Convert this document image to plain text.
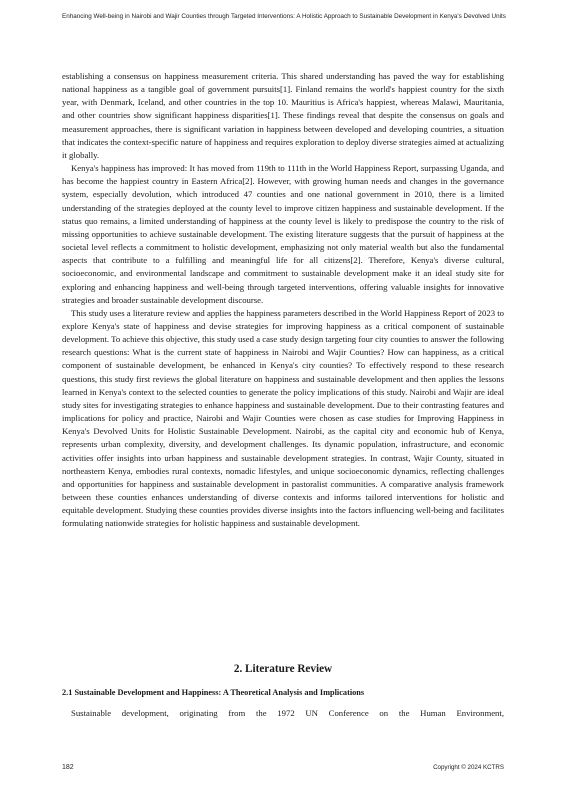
Enhancing Well-being in Nairobi and Wajir Counties through Targeted Interventions: A Holistic Approach to Sustainable Development in Kenya's Devolved Units

establishing a consensus on happiness measurement criteria. This shared understanding has paved the way for establishing national happiness as a tangible goal of government pursuits[1]. Finland remains the world's happiest country for the sixth year, with Denmark, Iceland, and other countries in the top 10. Mauritius is Africa's happiest, whereas Malawi, Mauritania, and other countries show significant happiness disparities[1]. These findings reveal that despite the consensus on goals and measurement approaches, there is significant variation in happiness between developed and developing countries, a situation that indicates the context-specific nature of happiness and requires exploration to deploy diverse strategies aimed at actualizing it globally.

Kenya's happiness has improved: It has moved from 119th to 111th in the World Happiness Report, surpassing Uganda, and has become the happiest country in Eastern Africa[2]. However, with growing human needs and changes in the governance system, especially devolution, which introduced 47 counties and one national government in 2010, there is a limited understanding of the strategies deployed at the county level to improve citizen happiness and sustainable development. If the status quo remains, a limited understanding of happiness at the county level is likely to predispose the country to the risk of missing opportunities to achieve sustainable development. The existing literature suggests that the pursuit of happiness at the societal level reflects a commitment to holistic development, emphasizing not only material wealth but also the fundamental aspects that contribute to a fulfilling and meaningful life for all citizens[2]. Therefore, Kenya's diverse cultural, socioeconomic, and environmental landscape and commitment to sustainable development make it an ideal study site for exploring and enhancing happiness and well-being through targeted interventions, offering valuable insights for innovative strategies and broader sustainable development discourse.

This study uses a literature review and applies the happiness parameters described in the World Happiness Report of 2023 to explore Kenya's state of happiness and devise strategies for improving happiness as a critical component of sustainable development. To achieve this objective, this study used a case study design targeting four city counties to answer the following research questions: What is the current state of happiness in Nairobi and Wajir Counties? How can happiness, as a critical component of sustainable development, be enhanced in Kenya's city counties? To effectively respond to these research questions, this study first reviews the global literature on happiness and sustainable development and then applies the lessons learned in Kenya's context to the selected counties to generate the policy implications of this study. Nairobi and Wajir are ideal study sites for investigating strategies to enhance happiness and sustainable development. Due to their contrasting features and implications for policy and practice, Nairobi and Wajir Counties were chosen as case studies for Improving Happiness in Kenya's Devolved Units for Holistic Sustainable Development. Nairobi, as the capital city and economic hub of Kenya, represents urban complexity, diversity, and development challenges. Its dynamic population, infrastructure, and economic activities offer insights into urban happiness and sustainable development strategies. In contrast, Wajir County, situated in northeastern Kenya, embodies rural contexts, nomadic lifestyles, and unique socioeconomic dynamics, reflecting challenges and opportunities for happiness and sustainable development in pastoralist communities. A comparative analysis framework between these counties enhances understanding of diverse contexts and informs tailored interventions for holistic and equitable development. Studying these counties provides diverse insights into the factors influencing well-being and facilitates formulating nationwide strategies for holistic happiness and sustainable development.

2. Literature Review
2.1 Sustainable Development and Happiness: A Theoretical Analysis and Implications

Sustainable development, originating from the 1972 UN Conference on the Human Environment,

182	Copyright © 2024 KCTRS
